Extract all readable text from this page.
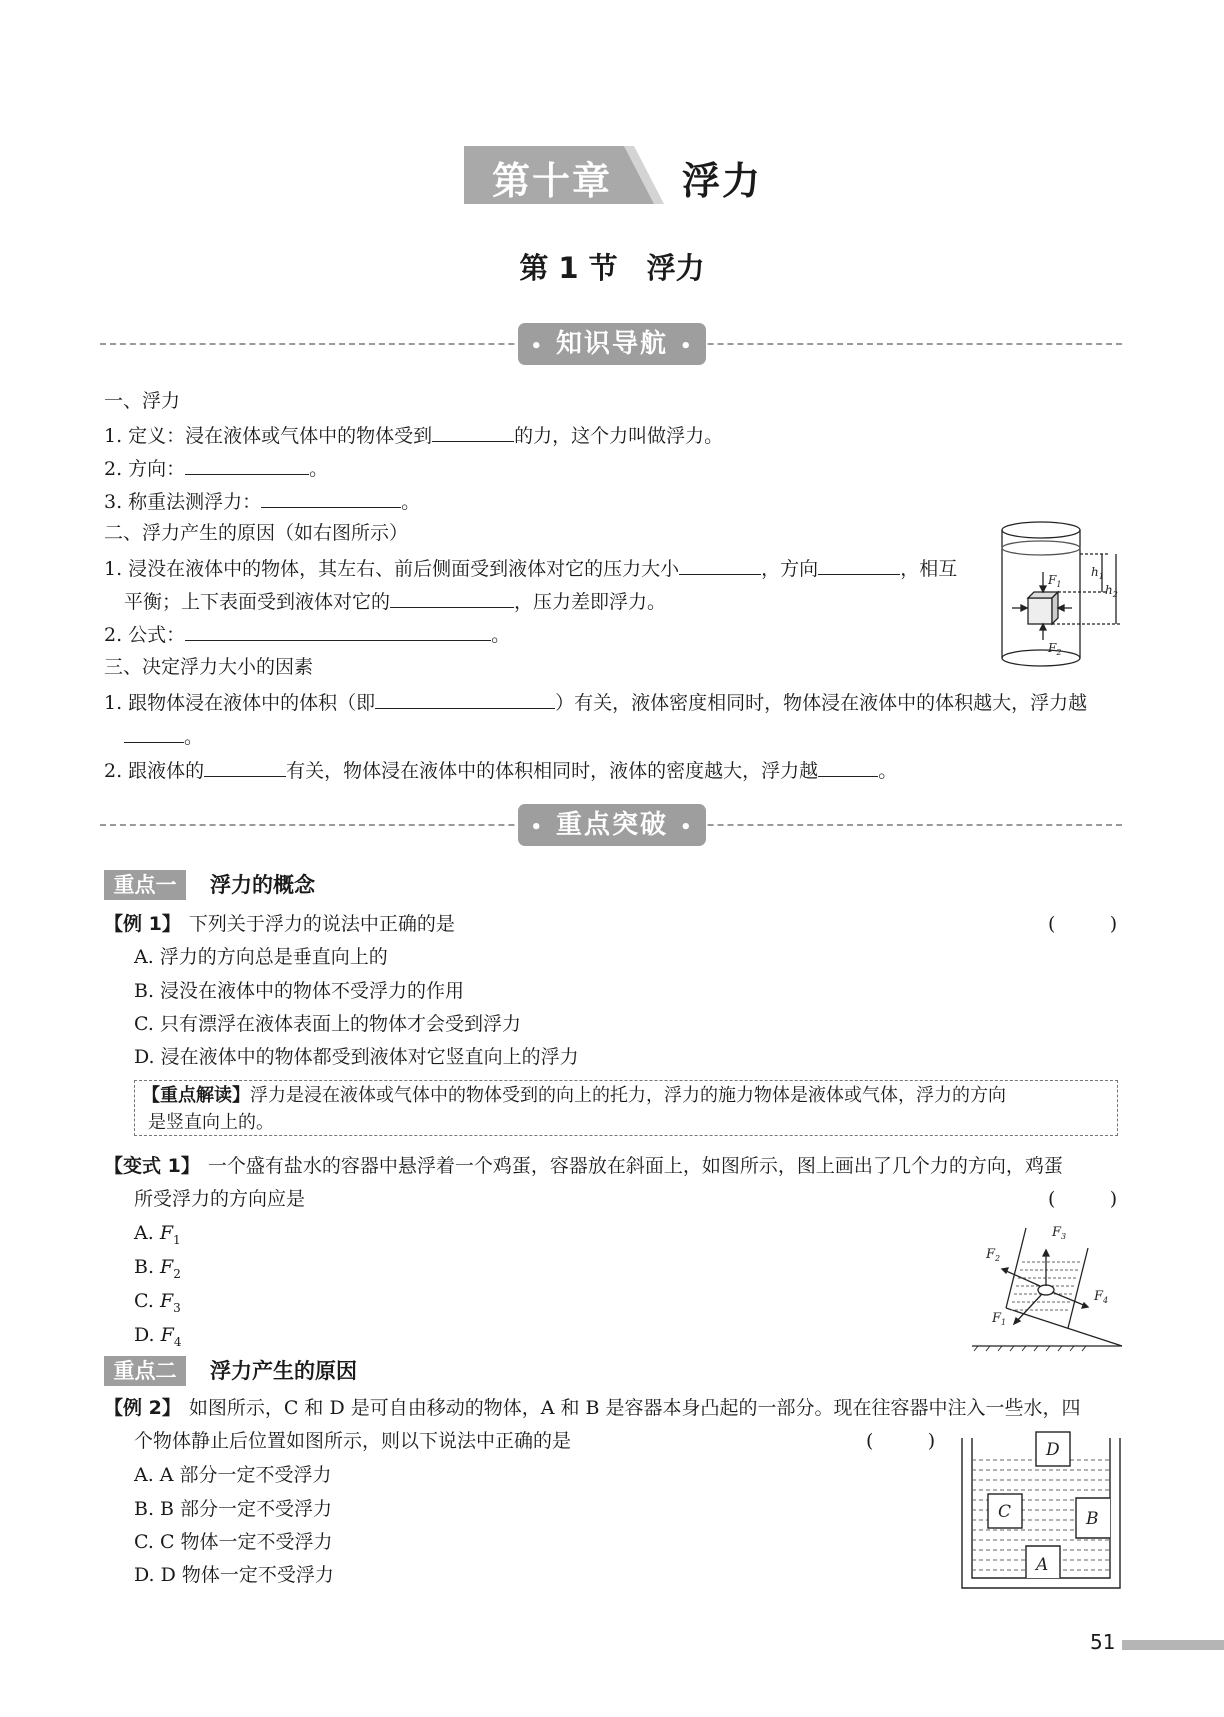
第十章 浮力
第 1 节　浮力
• 知识导航 •
一、浮力
1. 定义：浸在液体或气体中的物体受到	的力，这个力叫做浮力。
2. 方向：	。
3. 称重法测浮力：	。
二、浮力产生的原因（如右图所示）
1. 浸没在液体中的物体，其左右、前后侧面受到液体对它的压力大小	，方向	，相互
平衡；上下表面受到液体对它的	，压力差即浮力。
2. 公式：	。
三、决定浮力大小的因素
1. 跟物体浸在液体中的体积（即	）有关，液体密度相同时，物体浸在液体中的体积越大，浮力越
。
2. 跟液体的	有关，物体浸在液体中的体积相同时，液体的密度越大，浮力越	。
$F_1$
$F_2$
$h_1$
$h_2$
• 重点突破 •
重点一	浮力的概念
【例 1】 下列关于浮力的说法中正确的是	(         )
A. 浮力的方向总是垂直向上的
B. 浸没在液体中的物体不受浮力的作用
C. 只有漂浮在液体表面上的物体才会受到浮力
D. 浸在液体中的物体都受到液体对它竖直向上的浮力
【重点解读】浮力是浸在液体或气体中的物体受到的向上的托力，浮力的施力物体是液体或气体，浮力的方向
是竖直向上的。
【变式 1】 一个盛有盐水的容器中悬浮着一个鸡蛋，容器放在斜面上，如图所示，图上画出了几个力的方向，鸡蛋
所受浮力的方向应是	(         )
A. $F_1$
B. $F_2$
C. $F_3$
D. $F_4$
$F_1$
$F_2$
$F_3$
$F_4$
重点二	浮力产生的原因
【例 2】 如图所示，C 和 D 是可自由移动的物体，A 和 B 是容器本身凸起的一部分。现在往容器中注入一些水，四
个物体静止后位置如图所示，则以下说法中正确的是	(         )
A. A 部分一定不受浮力
B. B 部分一定不受浮力
C. C 物体一定不受浮力
D. D 物体一定不受浮力
D
C	B
A
51
